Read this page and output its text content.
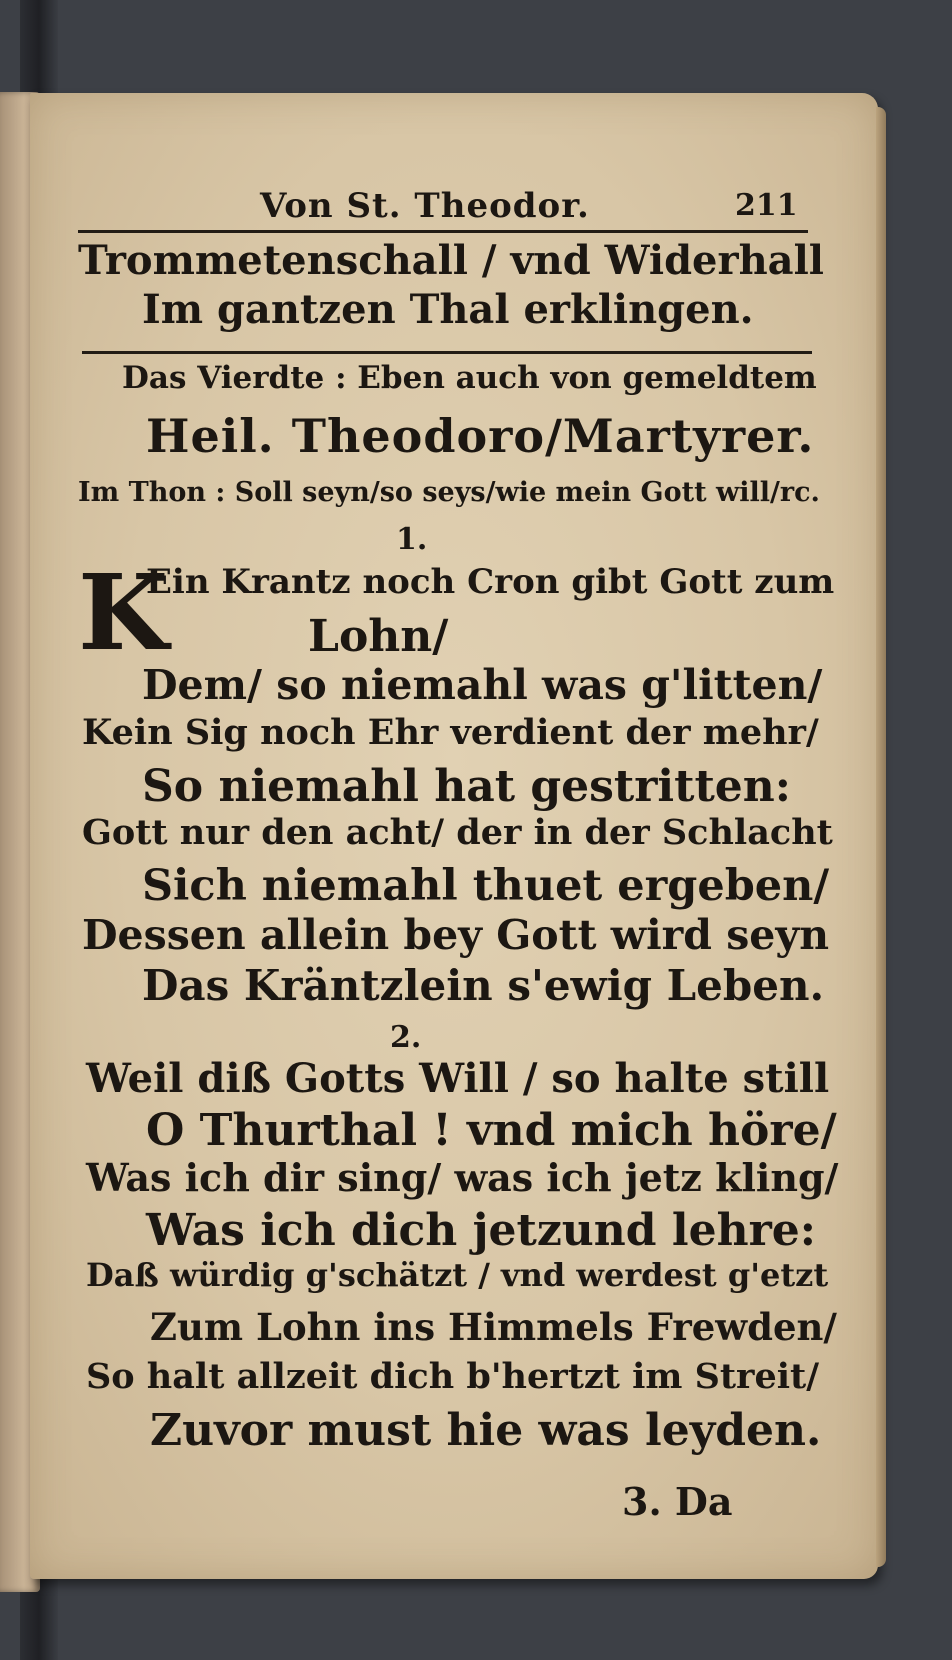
Von St. Theodor.	211
Trommetenschall / vnd Widerhall
Im gantzen Thal erklingen.
Das Vierdte : Eben auch von gemeldtem
Heil. Theodoro/Martyrer.
Im Thon : Soll seyn/so seys/wie mein Gott will/rc.
1.
K
Ein Krantz noch Cron gibt Gott zum
Lohn/
Dem/ so niemahl was g'litten/
Kein Sig noch Ehr verdient der mehr/
So niemahl hat gestritten:
Gott nur den acht/ der in der Schlacht
Sich niemahl thuet ergeben/
Dessen allein bey Gott wird seyn
Das Kräntzlein s'ewig Leben.
2.
Weil diß Gotts Will / so halte still
O Thurthal ! vnd mich höre/
Was ich dir sing/ was ich jetz kling/
Was ich dich jetzund lehre:
Daß würdig g'schätzt / vnd werdest g'etzt
Zum Lohn ins Himmels Frewden/
So halt allzeit dich b'hertzt im Streit/
Zuvor must hie was leyden.
3. Da
